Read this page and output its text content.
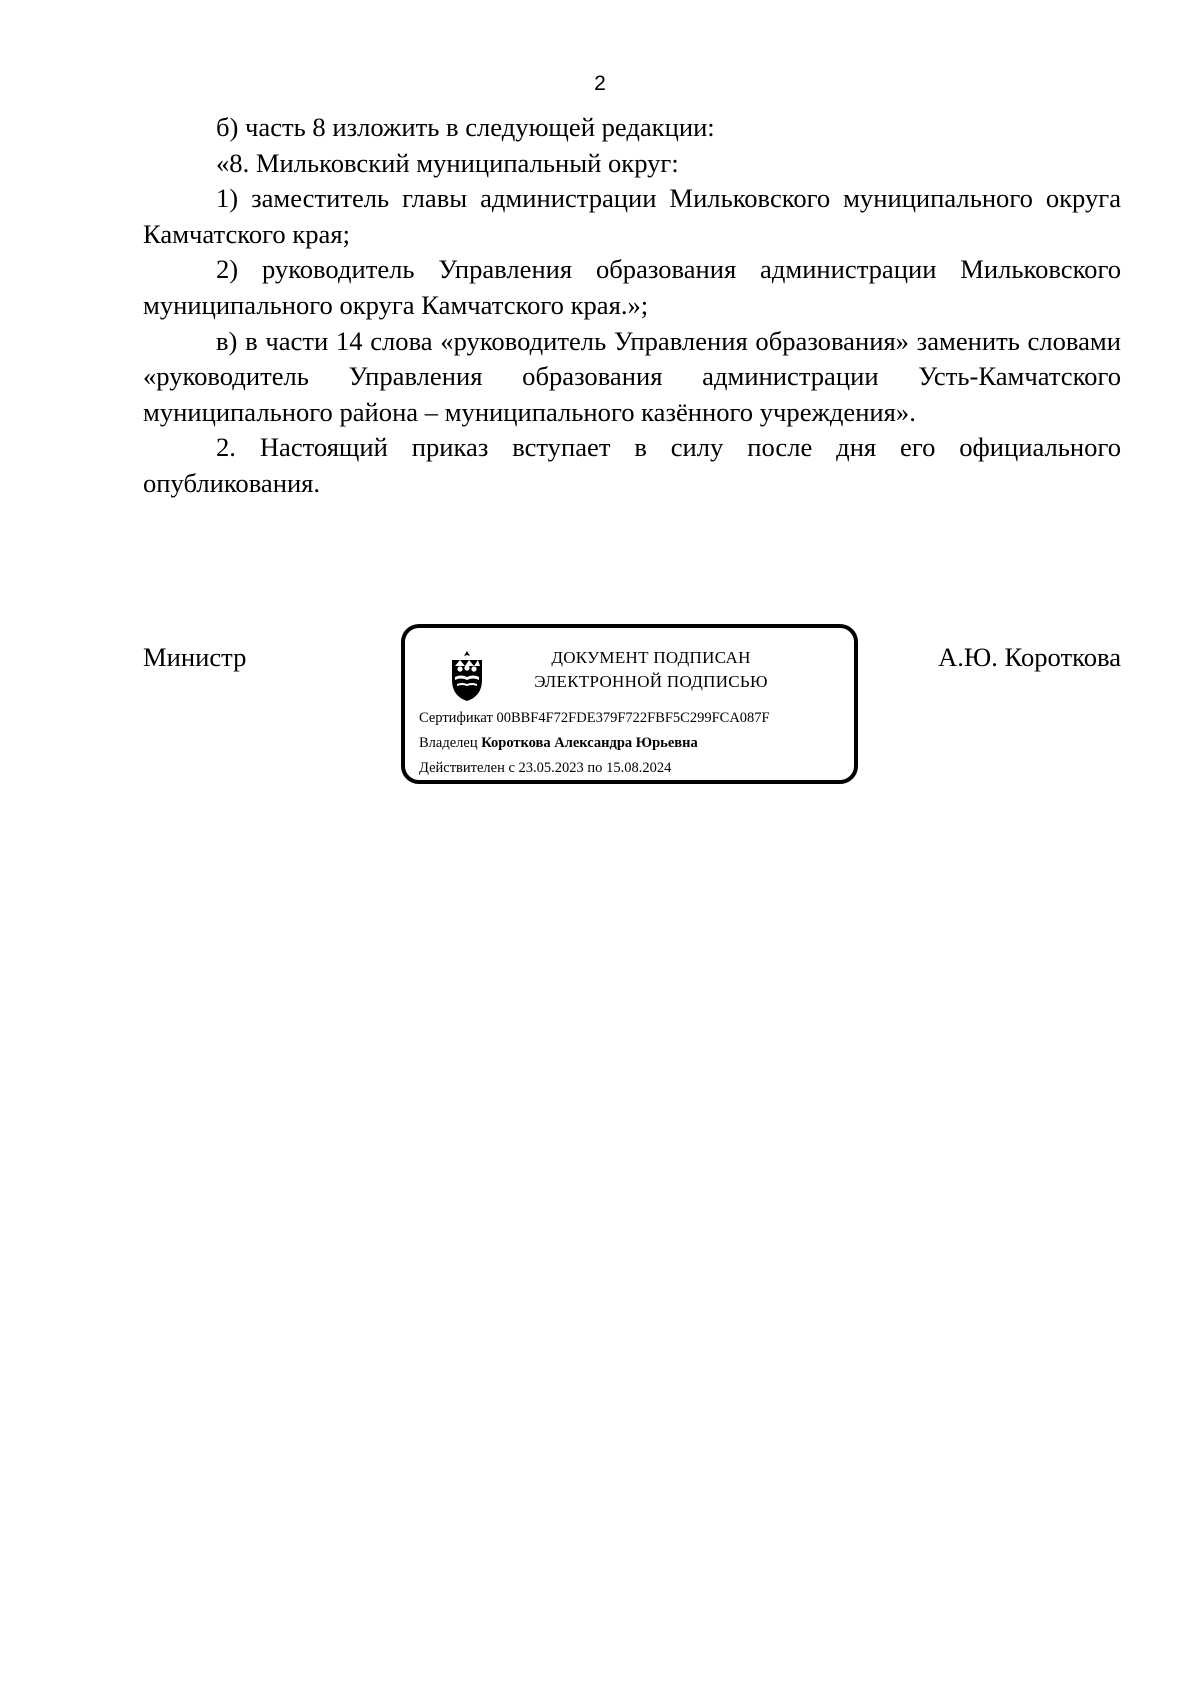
2

б) часть 8 изложить в следующей редакции:

«8. Мильковский муниципальный округ:

1) заместитель главы администрации Мильковского муниципального округа Камчатского края;

2) руководитель Управления образования администрации Мильковского муниципального округа Камчатского края.»;

в) в части 14 слова «руководитель Управления образования» заменить словами «руководитель Управления образования администрации Усть-Камчатского муниципального района – муниципального казённого учреждения».

2. Настоящий приказ вступает в силу после дня его официального опубликования.

Министр	ДОКУМЕНТ ПОДПИСАН
ЭЛЕКТРОННОЙ ПОДПИСЬЮ
Сертификат 00BBF4F72FDE379F722FBF5C299FCA087F
Владелец Короткова Александра Юрьевна
Действителен с 23.05.2023 по 15.08.2024
А.Ю. Короткова
